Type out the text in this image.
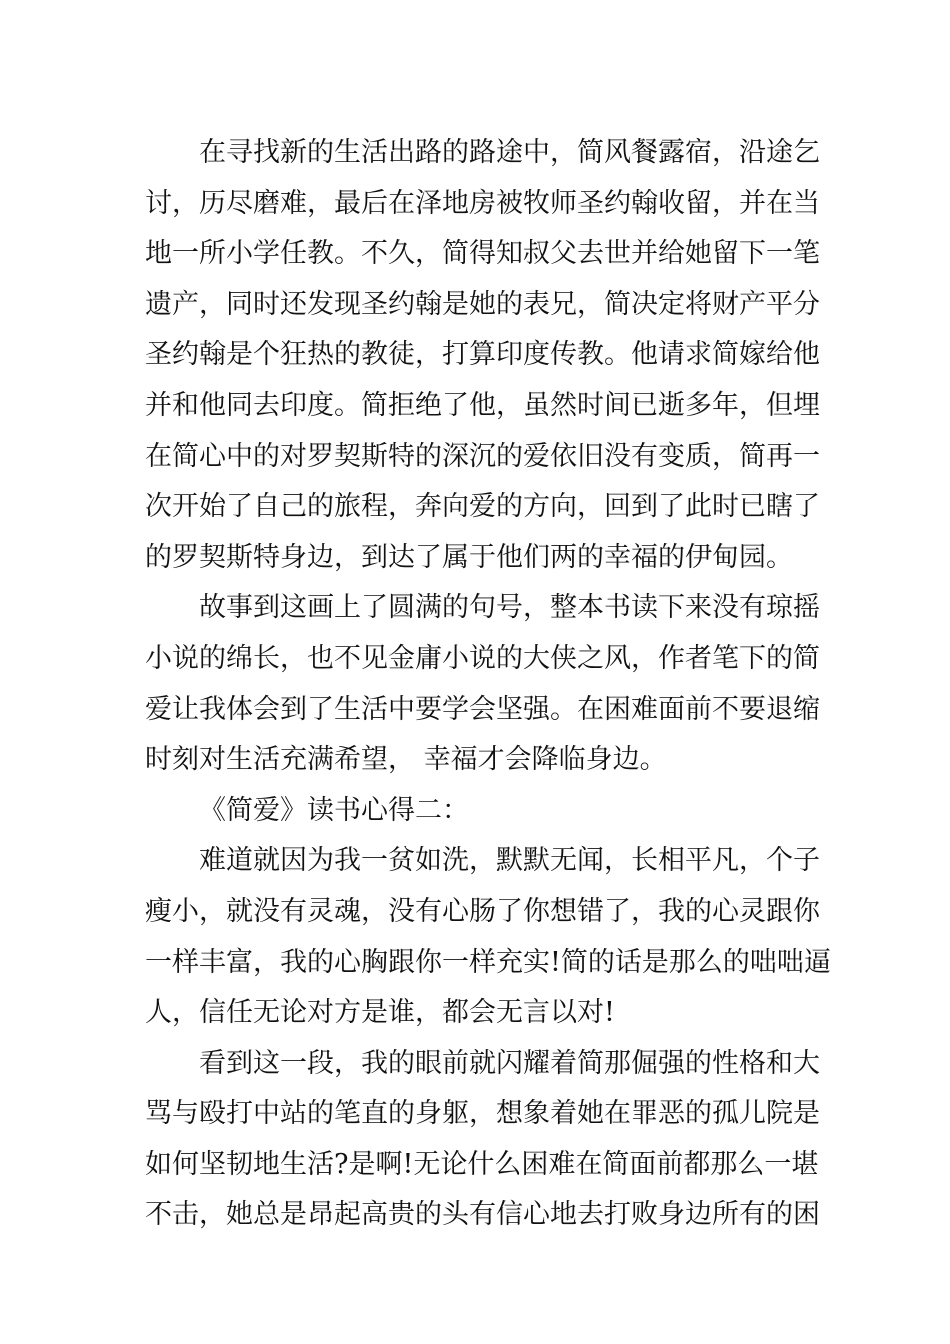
在寻找新的生活出路的路途中，简风餐露宿，沿途乞
讨，历尽磨难，最后在泽地房被牧师圣约翰收留，并在当
地一所小学任教。不久，简得知叔父去世并给她留下一笔
遗产，同时还发现圣约翰是她的表兄，简决定将财产平分
圣约翰是个狂热的教徒，打算印度传教。他请求简嫁给他
并和他同去印度。简拒绝了他，虽然时间已逝多年，但埋
在简心中的对罗契斯特的深沉的爱依旧没有变质，简再一
次开始了自己的旅程，奔向爱的方向，回到了此时已瞎了
的罗契斯特身边，到达了属于他们两的幸福的伊甸园。
故事到这画上了圆满的句号，整本书读下来没有琼摇
小说的绵长，也不见金庸小说的大侠之风，作者笔下的简
爱让我体会到了生活中要学会坚强。在困难面前不要退缩
时刻对生活充满希望， 幸福才会降临身边。
《简爱》读书心得二：
难道就因为我一贫如洗，默默无闻，长相平凡，个子
瘦小，就没有灵魂，没有心肠了你想错了，我的心灵跟你
一样丰富，我的心胸跟你一样充实!简的话是那么的咄咄逼
人，信任无论对方是谁，都会无言以对!
看到这一段，我的眼前就闪耀着简那倔强的性格和大
骂与殴打中站的笔直的身躯，想象着她在罪恶的孤儿院是
如何坚韧地生活?是啊!无论什么困难在简面前都那么一堪
不击，她总是昂起高贵的头有信心地去打败身边所有的困
